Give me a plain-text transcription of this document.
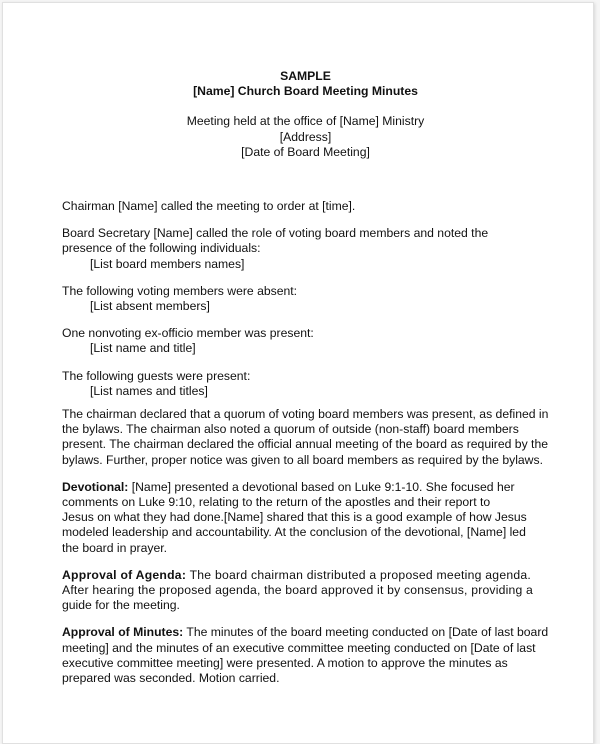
SAMPLE

[Name] Church Board Meeting Minutes

Meeting held at the office of [Name] Ministry

[Address]

[Date of Board Meeting]

Chairman [Name] called the meeting to order at [time].

Board Secretary [Name] called the role of voting board members and noted the

presence of the following individuals:

[List board members names]

The following voting members were absent:

[List absent members]

One nonvoting ex-officio member was present:

[List name and title]

The following guests were present:

[List names and titles]

The chairman declared that a quorum of voting board members was present, as defined in

the bylaws. The chairman also noted a quorum of outside (non-staff) board members

present. The chairman declared the official annual meeting of the board as required by the

bylaws. Further, proper notice was given to all board members as required by the bylaws.

Devotional: [Name] presented a devotional based on Luke 9:1-10. She focused her

comments on Luke 9:10, relating to the return of the apostles and their report to

Jesus on what they had done.[Name] shared that this is a good example of how Jesus

modeled leadership and accountability. At the conclusion of the devotional, [Name] led

the board in prayer.

Approval of Agenda: The board chairman distributed a proposed meeting agenda.

After hearing the proposed agenda, the board approved it by consensus, providing a

guide for the meeting.

Approval of Minutes: The minutes of the board meeting conducted on [Date of last board

meeting] and the minutes of an executive committee meeting conducted on [Date of last

executive committee meeting] were presented. A motion to approve the minutes as

prepared was seconded. Motion carried.
